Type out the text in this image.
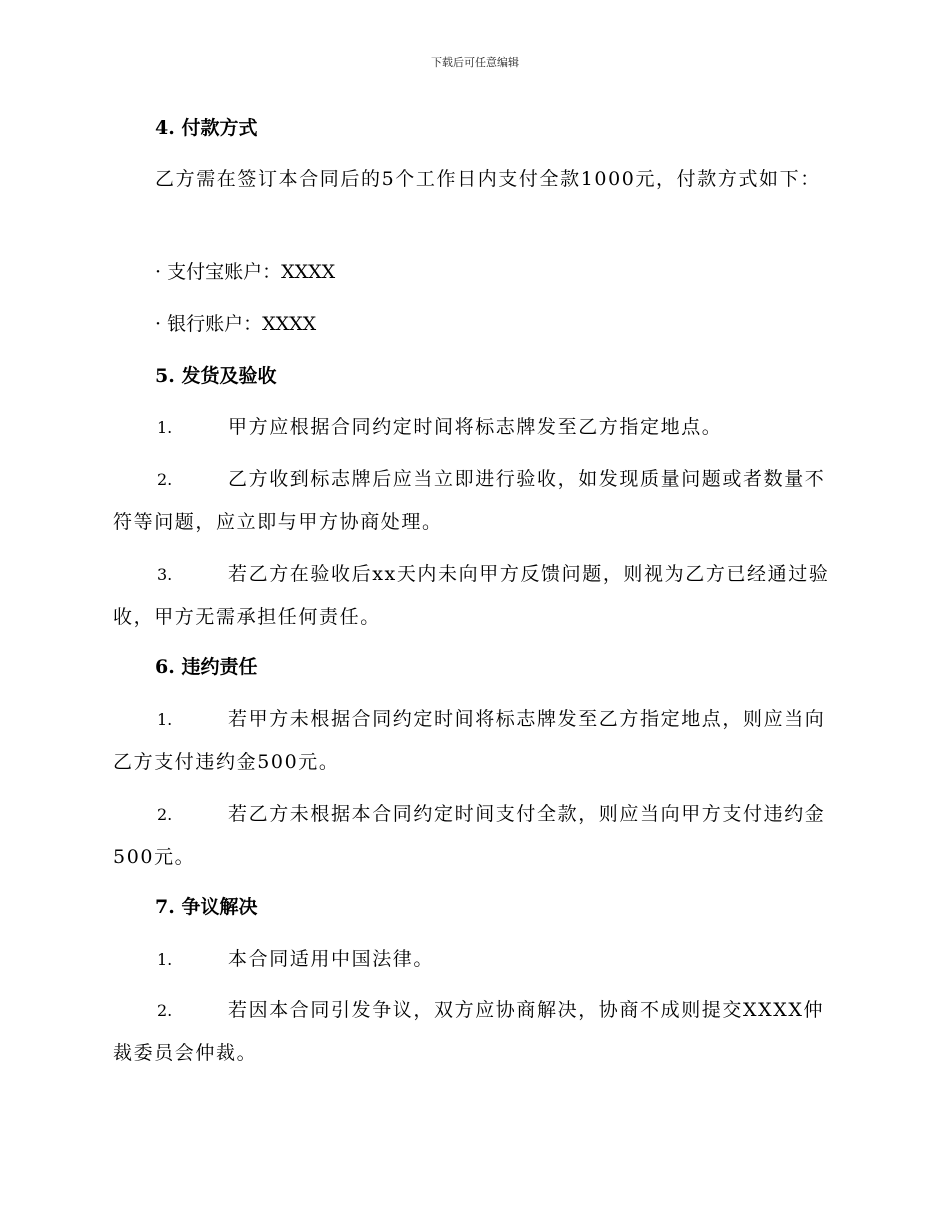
下载后可任意编辑
4. 付款方式
乙方需在签订本合同后的5个工作日内支付全款1000元，付款方式如下：
· 支付宝账户：XXXX
· 银行账户：XXXX
5. 发货及验收
1.	甲方应根据合同约定时间将标志牌发至乙方指定地点。
2.	乙方收到标志牌后应当立即进行验收，如发现质量问题或者数量不符等问题，应立即与甲方协商处理。
3.	若乙方在验收后xx天内未向甲方反馈问题，则视为乙方已经通过验收，甲方无需承担任何责任。
6. 违约责任
1.	若甲方未根据合同约定时间将标志牌发至乙方指定地点，则应当向乙方支付违约金500元。
2.	若乙方未根据本合同约定时间支付全款，则应当向甲方支付违约金500元。
7. 争议解决
1.	本合同适用中国法律。
2.	若因本合同引发争议，双方应协商解决，协商不成则提交XXXX仲裁委员会仲裁。
